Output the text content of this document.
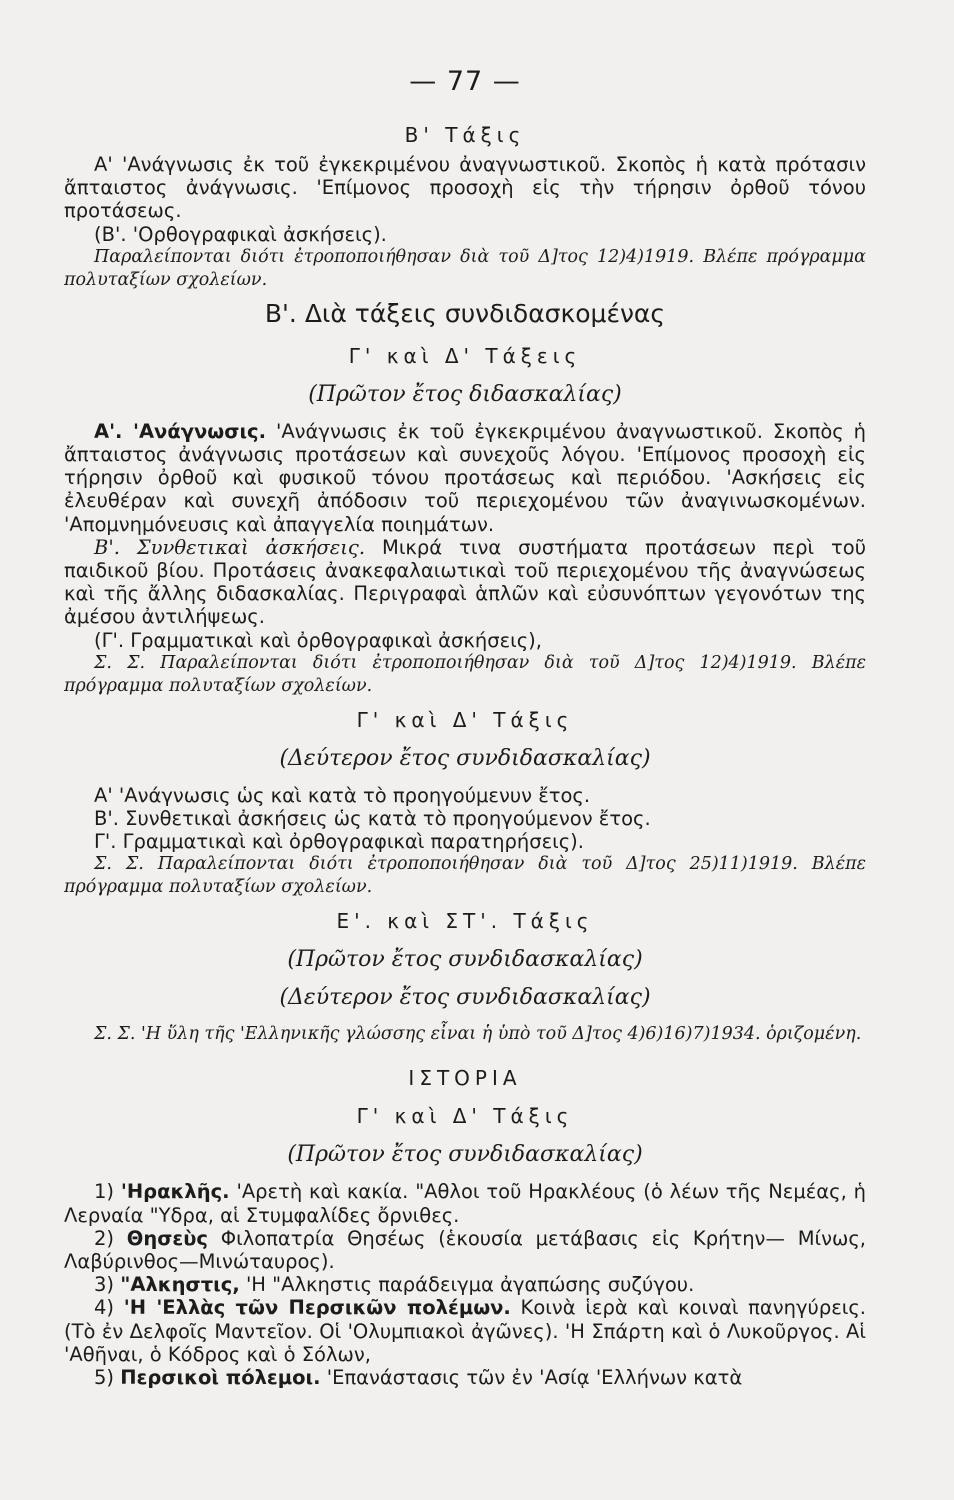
— 77 —
Β' Τάξις

Α' 'Ανάγνωσις ἐκ τοῦ ἐγκεκριμένου ἀναγνωστικοῦ. Σκοπὸς ἡ κατὰ πρότασιν ἄπταιστος ἀνάγνωσις. 'Επίμονος προσοχὴ εἰς τὴν τήρησιν ὀρθοῦ τόνου προτάσεως.

(Β'. 'Ορθογραφικαὶ ἀσκήσεις).

Παραλείπονται διότι ἐτροποποιήθησαν διὰ τοῦ Δ]τος 12)4)1919. Βλέπε πρόγραμμα πολυταξίων σχολείων.

Β'. Διὰ τάξεις συνδιδασκομένας
Γ' καὶ Δ' Τάξεις
(Πρῶτον ἔτος διδασκαλίας)

Α'. 'Ανάγνωσις. 'Ανάγνωσις ἐκ τοῦ ἐγκεκριμένου ἀναγνωστικοῦ. Σκοπὸς ἡ ἄπταιστος ἀνάγνωσις προτάσεων καὶ συνεχοῦς λόγου. 'Επίμονος προσοχὴ εἰς τήρησιν ὀρθοῦ καὶ φυσικοῦ τόνου προτάσεως καὶ περιόδου. 'Ασκήσεις εἰς ἐλευθέραν καὶ συνεχῆ ἀπόδοσιν τοῦ περιεχομένου τῶν ἀναγινωσκομένων. 'Απομνημόνευσις καὶ ἀπαγγελία ποιημάτων.

Β'. Συνθετικαὶ ἀσκήσεις. Μικρά τινα συστήματα προτάσεων περὶ τοῦ παιδικοῦ βίου. Προτάσεις ἀνακεφαλαιωτικαὶ τοῦ περιεχομένου τῆς ἀναγνώσεως καὶ τῆς ἄλλης διδασκαλίας. Περιγραφαὶ ἁπλῶν καὶ εὐσυνόπτων γεγονότων της ἀμέσου ἀντιλήψεως.

(Γ'. Γραμματικαὶ καὶ ὀρθογραφικαὶ ἀσκήσεις),

Σ. Σ. Παραλείπονται διότι ἐτροποποιήθησαν διὰ τοῦ Δ]τος 12)4)1919. Βλέπε πρόγραμμα πολυταξίων σχολείων.

Γ' καὶ Δ' Τάξις
(Δεύτερον ἔτος συνδιδασκαλίας)

Α' 'Ανάγνωσις ὡς καὶ κατὰ τὸ προηγούμενυν ἔτος.

Β'. Συνθετικαὶ ἀσκήσεις ὡς κατὰ τὸ προηγούμενον ἔτος.

Γ'. Γραμματικαὶ καὶ ὀρθογραφικαὶ παρατηρήσεις).

Σ. Σ. Παραλείπονται διότι ἐτροποποιήθησαν διὰ τοῦ Δ]τος 25)11)1919. Βλέπε πρόγραμμα πολυταξίων σχολείων.

Ε'. καὶ ΣΤ'. Τάξις
(Πρῶτον ἔτος συνδιδασκαλίας)
(Δεύτερον ἔτος συνδιδασκαλίας)

Σ. Σ. 'Η ὕλη τῆς 'Ελληνικῆς γλώσσης εἶναι ἡ ὑπὸ τοῦ Δ]τος 4)6)16)7)1934. ὁριζομένη.

ΙΣΤΟΡΙΑ
Γ' καὶ Δ' Τάξις
(Πρῶτον ἔτος συνδιδασκαλίας)

1) 'Ηρακλῆς. 'Αρετὴ καὶ κακία. "Αθλοι τοῦ Ηρακλέους (ὁ λέων τῆς Νεμέας, ἡ Λερναία "Υδρα, αἱ Στυμφαλίδες ὄρνιθες.

2) Θησεὺς Φιλοπατρία Θησέως (ἑκουσία μετάβασις εἰς Κρήτην— Μίνως, Λαβύρινθος—Μινώταυρος).

3) "Αλκηστις, 'Η "Αλκηστις παράδειγμα ἀγαπώσης συζύγου.

4) 'Η 'Ελλὰς τῶν Περσικῶν πολέμων. Κοινὰ ἱερὰ καὶ κοιναὶ πανηγύρεις. (Τὸ ἐν Δελφοῖς Μαντεῖον. Οἱ 'Ολυμπιακοὶ ἀγῶνες). 'Η Σπάρτη καὶ ὁ Λυκοῦργος. Αἱ 'Αθῆναι, ὁ Κόδρος καὶ ὁ Σόλων,

5) Περσικοὶ πόλεμοι. 'Επανάστασις τῶν ἐν 'Ασίᾳ 'Ελλήνων κατὰ
